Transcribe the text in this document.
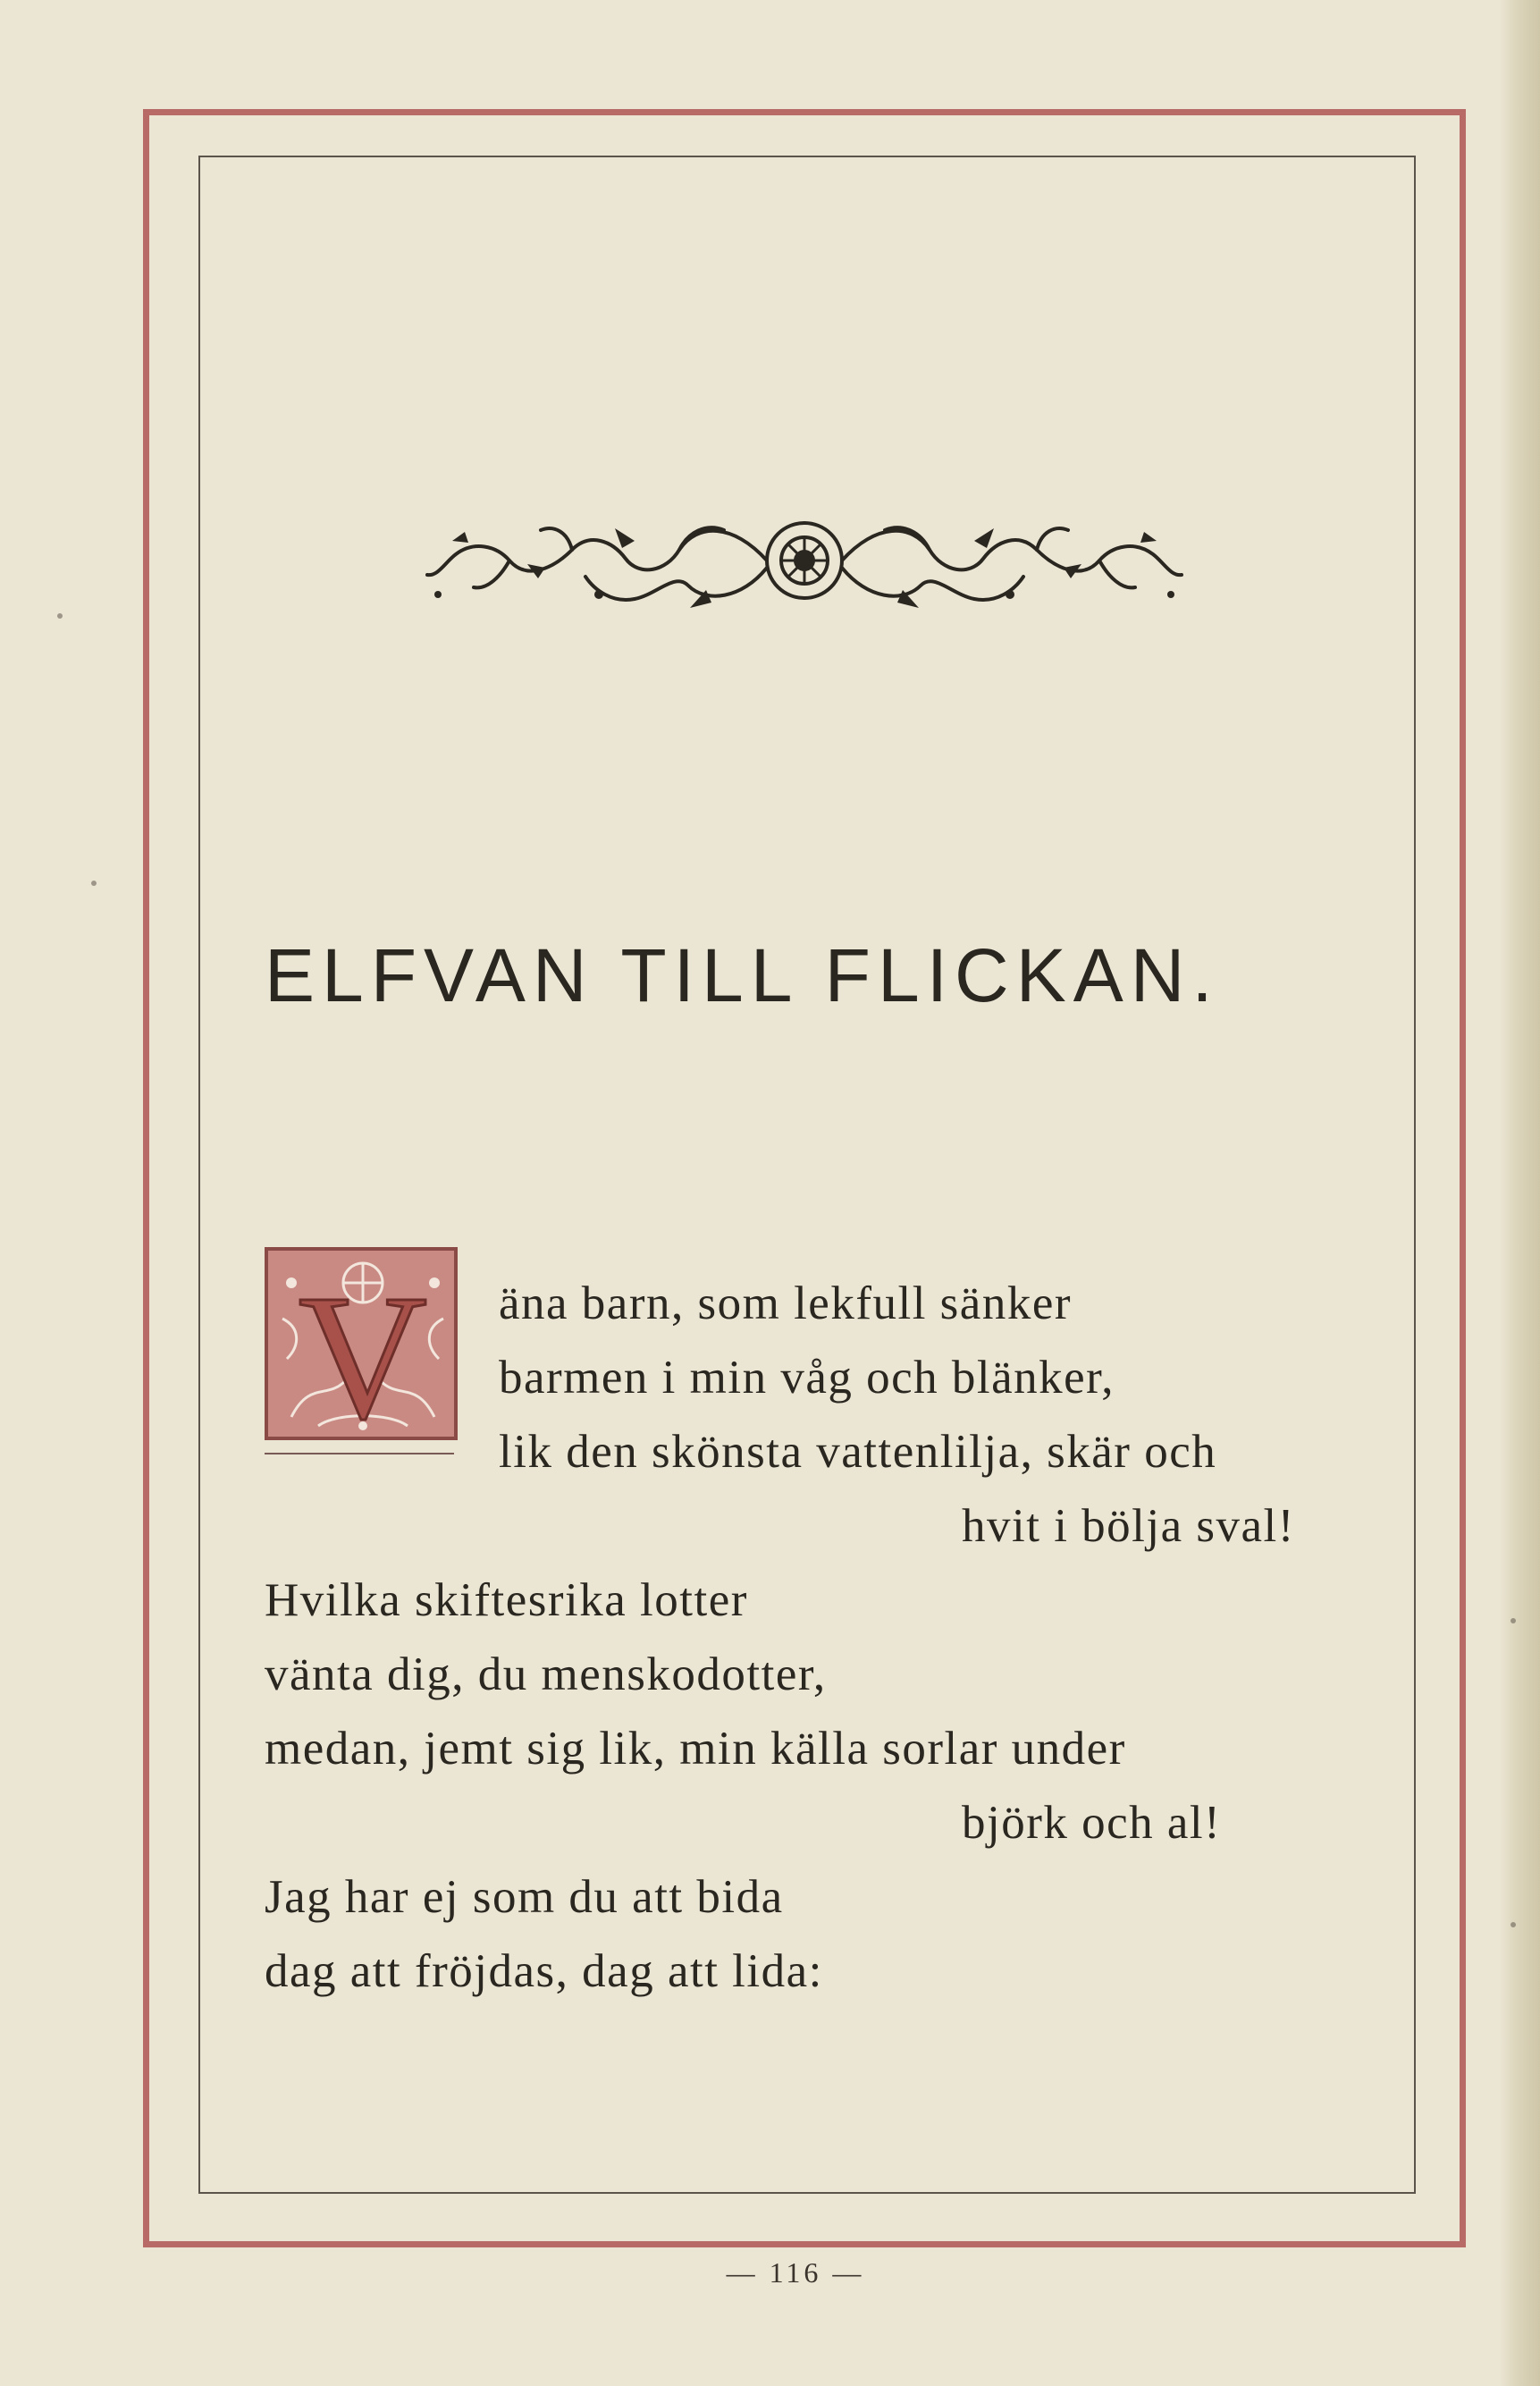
ELFVAN TILL FLICKAN.
V äna barn, som lekfull sänker
barmen i min våg och blänker,
lik den skönsta vattenlilja, skär och
hvit i bölja sval!
Hvilka skiftesrika lotter
vänta dig, du menskodotter,
medan, jemt sig lik, min källa sorlar under
björk och al!
Jag har ej som du att bida
dag att fröjdas, dag att lida:
— 116 —
